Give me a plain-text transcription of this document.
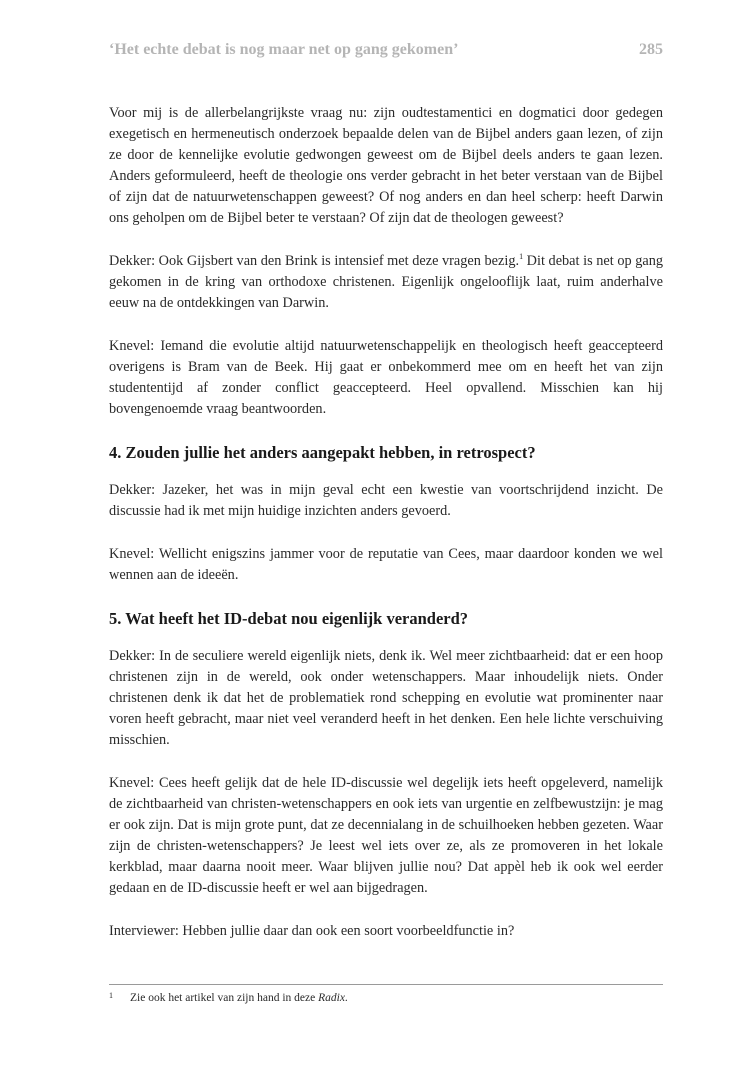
‘Het echte debat is nog maar net op gang gekomen’	285

Voor mij is de allerbelangrijkste vraag nu: zijn oudtestamentici en dogmatici door gedegen exegetisch en hermeneutisch onderzoek bepaalde delen van de Bijbel anders gaan lezen, of zijn ze door de kennelijke evolutie gedwongen geweest om de Bijbel deels anders te gaan lezen. Anders geformuleerd, heeft de theologie ons verder gebracht in het beter verstaan van de Bijbel of zijn dat de natuurwetenschappen geweest? Of nog anders en dan heel scherp: heeft Darwin ons geholpen om de Bijbel beter te verstaan? Of zijn dat de theologen geweest?

Dekker: Ook Gijsbert van den Brink is intensief met deze vragen bezig.$^1$ Dit debat is net op gang gekomen in de kring van orthodoxe christenen. Eigenlijk ongelooflijk laat, ruim anderhalve eeuw na de ontdekkingen van Darwin.

Knevel: Iemand die evolutie altijd natuurwetenschappelijk en theologisch heeft geaccepteerd overigens is Bram van de Beek. Hij gaat er onbekommerd mee om en heeft het van zijn studententijd af zonder conflict geaccepteerd. Heel opvallend. Misschien kan hij bovengenoemde vraag beantwoorden.

4. Zouden jullie het anders aangepakt hebben, in retrospect?

Dekker: Jazeker, het was in mijn geval echt een kwestie van voortschrijdend inzicht. De discussie had ik met mijn huidige inzichten anders gevoerd.

Knevel: Wellicht enigszins jammer voor de reputatie van Cees, maar daardoor konden we wel wennen aan de ideeën.

5. Wat heeft het ID-debat nou eigenlijk veranderd?

Dekker: In de seculiere wereld eigenlijk niets, denk ik. Wel meer zichtbaarheid: dat er een hoop christenen zijn in de wereld, ook onder wetenschappers. Maar inhoudelijk niets. Onder christenen denk ik dat het de problematiek rond schepping en evolutie wat prominenter naar voren heeft gebracht, maar niet veel veranderd heeft in het denken. Een hele lichte verschuiving misschien.

Knevel: Cees heeft gelijk dat de hele ID-discussie wel degelijk iets heeft opgeleverd, namelijk de zichtbaarheid van christen-wetenschappers en ook iets van urgentie en zelfbewustzijn: je mag er ook zijn. Dat is mijn grote punt, dat ze decennialang in de schuilhoeken hebben gezeten. Waar zijn de christen-wetenschappers? Je leest wel iets over ze, als ze promoveren in het lokale kerkblad, maar daarna nooit meer. Waar blijven jullie nou? Dat appèl heb ik ook wel eerder gedaan en de ID-discussie heeft er wel aan bijgedragen.

Interviewer: Hebben jullie daar dan ook een soort voorbeeldfunctie in?

1	Zie ook het artikel van zijn hand in deze Radix.
